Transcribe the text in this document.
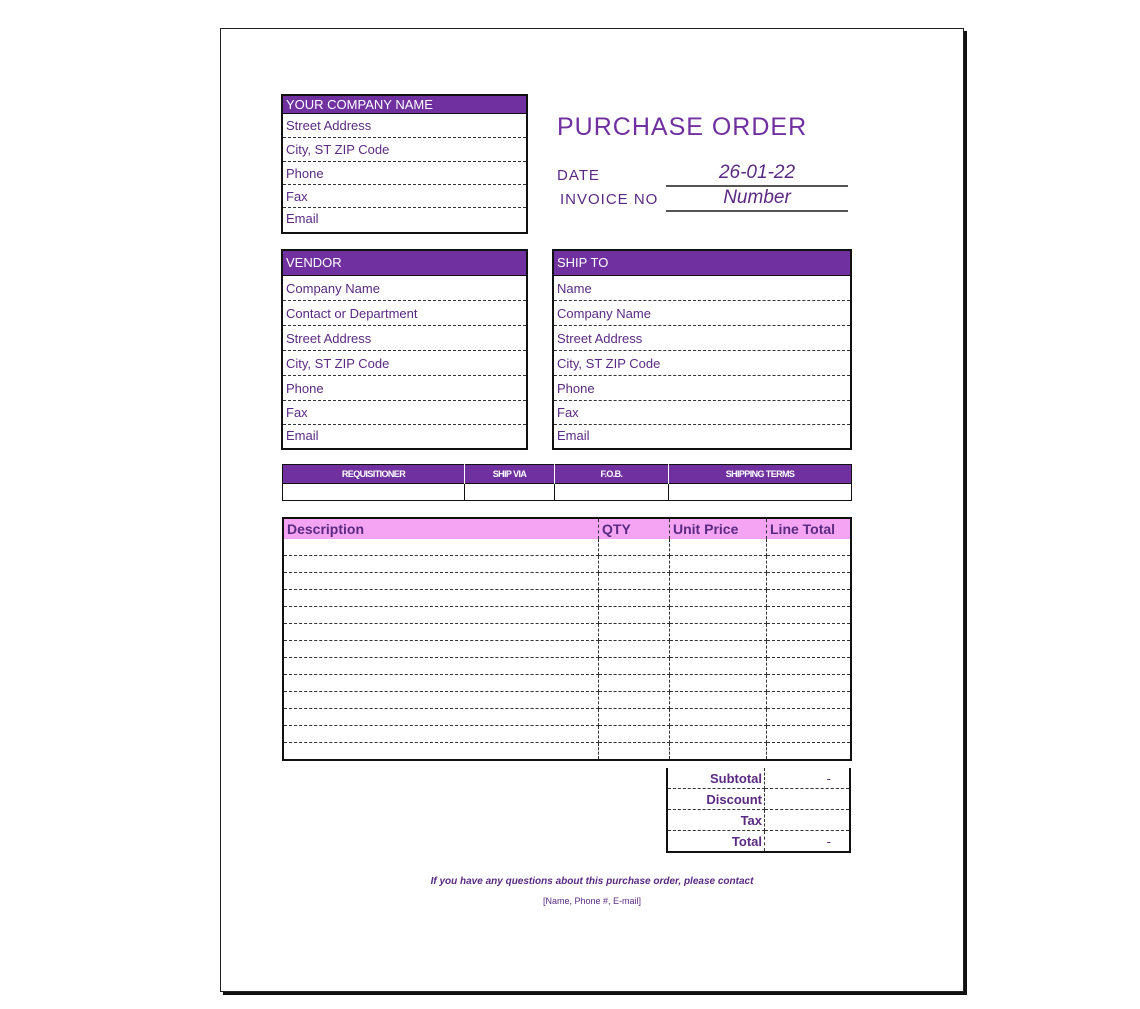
YOUR COMPANY NAME
Street Address
City, ST ZIP Code
Phone
Fax
Email
PURCHASE ORDER
DATE	26-01-22
INVOICE NO	Number
VENDOR
Company Name
Contact or Department
Street Address
City, ST ZIP Code
Phone
Fax
Email
SHIP TO
Name
Company Name
Street Address
City, ST ZIP Code
Phone
Fax
Email
REQUISITIONER	SHIP VIA	F.O.B.	SHIPPING TERMS

Description	QTY	Unit Price	Line Total

Subtotal	-
Discount	
Tax	
Total	-
If you have any questions about this purchase order, please contact
[Name, Phone #, E-mail]
